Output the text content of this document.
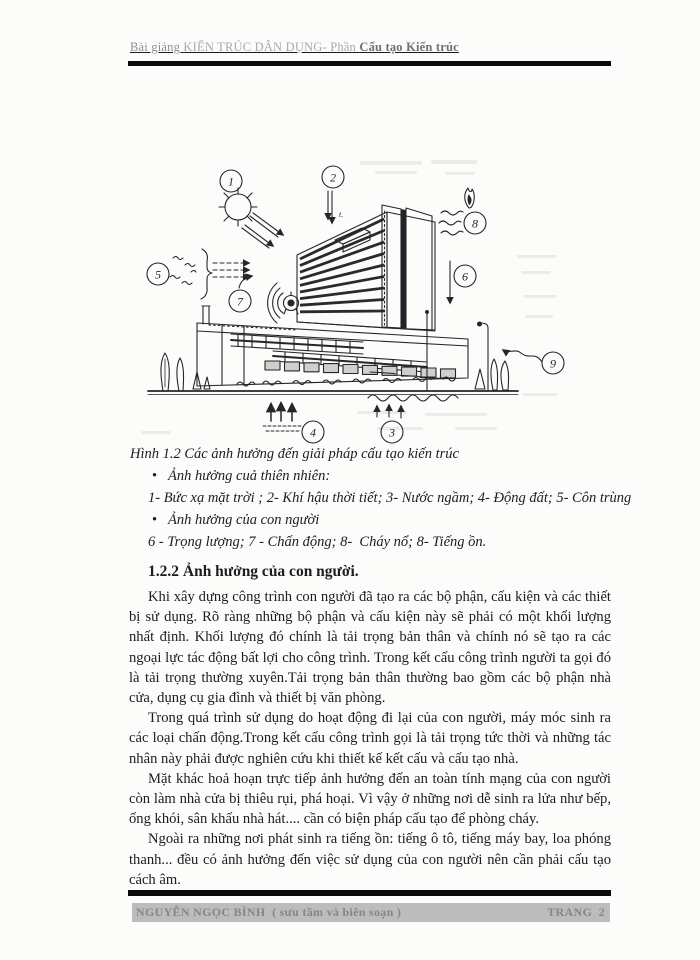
Bài giảng KIẾN TRÚC DÂN DỤNG- Phần Cấu tạo Kiến trúc
t.
1	2
3
4
5	6
7
8
9
Hình 1.2 Các ảnh hưởng đến giải pháp cấu tạo kiến trúc
• Ảnh hưởng cuả thiên nhiên:
1- Bức xạ mặt trời ; 2- Khí hậu thời tiết; 3- Nước ngầm; 4- Động đất; 5- Côn trùng
• Ảnh hưởng của con người
6 - Trọng lượng; 7 - Chấn động; 8-  Cháy nổ; 8- Tiếng ồn.
1.2.2 Ảnh hưởng của con người.

Khi xây dựng công trình con người đã tạo ra các bộ phận, cấu kiện và các thiết bị sử dụng. Rõ ràng những bộ phận và cấu kiện này sẽ phải có một khối lượng nhất định. Khối lượng đó chính là tải trọng bản thân và chính nó sẽ tạo ra các ngoại lực tác động bất lợi cho công trình. Trong kết cấu công trình người ta gọi đó là tải trọng thường xuyên.Tải trọng bản thân thường bao gồm các bộ phận nhà cửa, dụng cụ gia đình và thiết bị văn phòng.

Trong quá trình sử dụng do hoạt động đi lại của con người, máy móc sinh ra các loại chấn động.Trong kết cấu công trình gọi là tải trọng tức thời và những tác nhân này phải được nghiên cứu khi thiết kế kết cấu và cấu tạo nhà.

Mặt khác hoả hoạn trực tiếp ảnh hưởng đến an toàn tính mạng của con người còn làm nhà cửa bị thiêu rụi, phá hoại. Vì vậy ở những nơi dễ sinh ra lửa như bếp, ống khói, sân khấu nhà hát.... cần có biện pháp cấu tạo để phòng cháy.

Ngoài ra những nơi phát sinh ra tiếng ồn: tiếng ô tô, tiếng máy bay, loa phóng thanh... đều có ảnh hưởng đến việc sử dụng của con người nên cần phải cấu tạo cách âm.

NGUYỄN NGỌC BÌNH  ( sưu tầm và biên soạn )	TRANG  2
